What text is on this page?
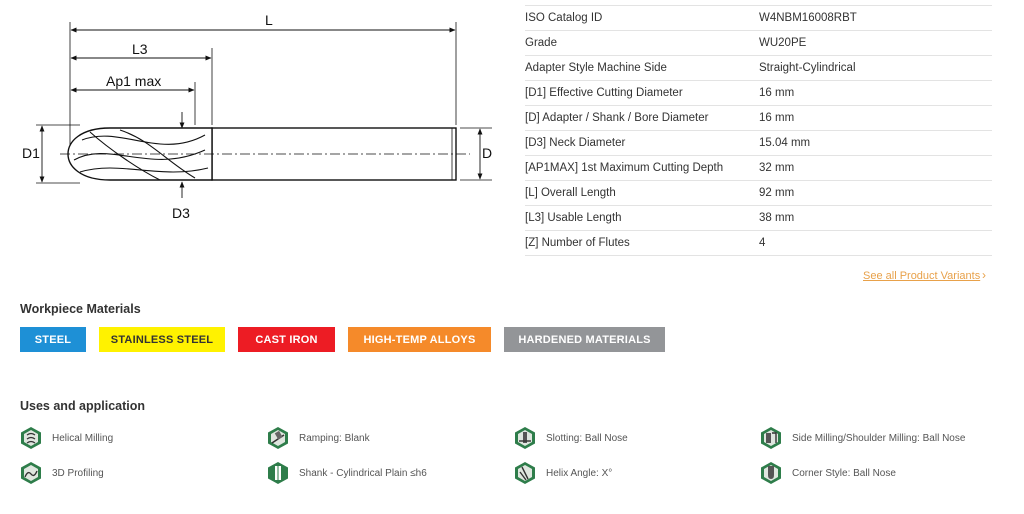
L
L3
Ap1 max
D1	D
D3
ISO Catalog ID	W4NBM16008RBT
Grade	WU20PE
Adapter Style Machine Side	Straight-Cylindrical
[D1] Effective Cutting Diameter	16 mm
[D] Adapter / Shank / Bore Diameter	16 mm
[D3] Neck Diameter	15.04 mm
[AP1MAX] 1st Maximum Cutting Depth	32 mm
[L] Overall Length	92 mm
[L3] Usable Length	38 mm
[Z] Number of Flutes	4
See all Product Variants ›
Workpiece Materials
STEEL	STAINLESS STEEL	CAST IRON	HIGH-TEMP ALLOYS	HARDENED MATERIALS
Uses and application
Helical Milling	Ramping: Blank	Slotting: Ball Nose	Side Milling/Shoulder Milling: Ball Nose
3D Profiling	Shank - Cylindrical Plain ≤h6	Helix Angle: X°	Corner Style: Ball Nose
